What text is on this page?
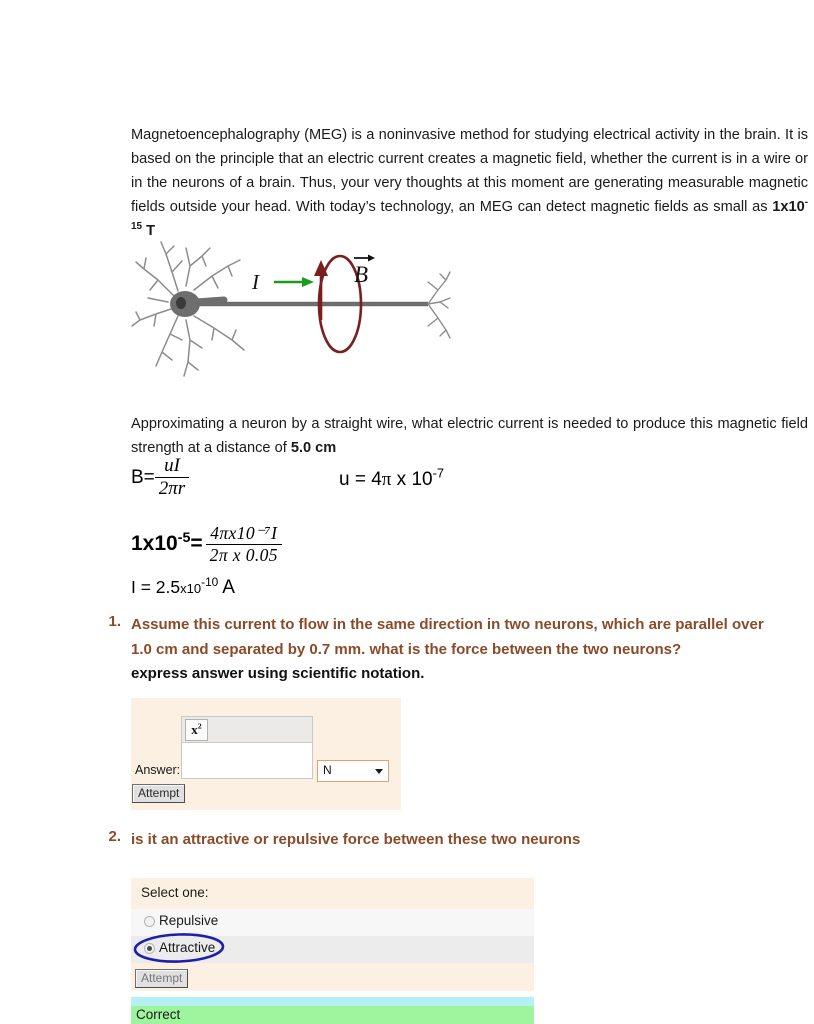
Magnetoencephalography (MEG) is a noninvasive method for studying electrical activity in the brain. It is based on the principle that an electric current creates a magnetic field, whether the current is in a wire or in the neurons of a brain. Thus, your very thoughts at this moment are generating measurable magnetic fields outside your head. With today’s technology, an MEG can detect magnetic fields as small as $1x10^{-15}$ T

I	B

Approximating a neuron by a straight wire, what electric current is needed to produce this magnetic field strength at a distance of 5.0 cm

$B= \frac{uI}{2\pi r}$	u = 4π x $10^{-7}$
$1x10^{-5}= \frac{\text{4πx10⁻⁷I}}{\text{2π x 0.05}}$
$I = 2.5x10^{-10}$ A
1. Assume this current to flow in the same direction in two neurons, which are parallel over 1.0 cm and separated by 0.7 mm. what is the force between the two neurons?
express answer using scientific notation.
$x^2$
Answer:	N
Attempt
2. is it an attractive or repulsive force between these two neurons
Select one:
Repulsive
Attractive
Attempt
Correct
